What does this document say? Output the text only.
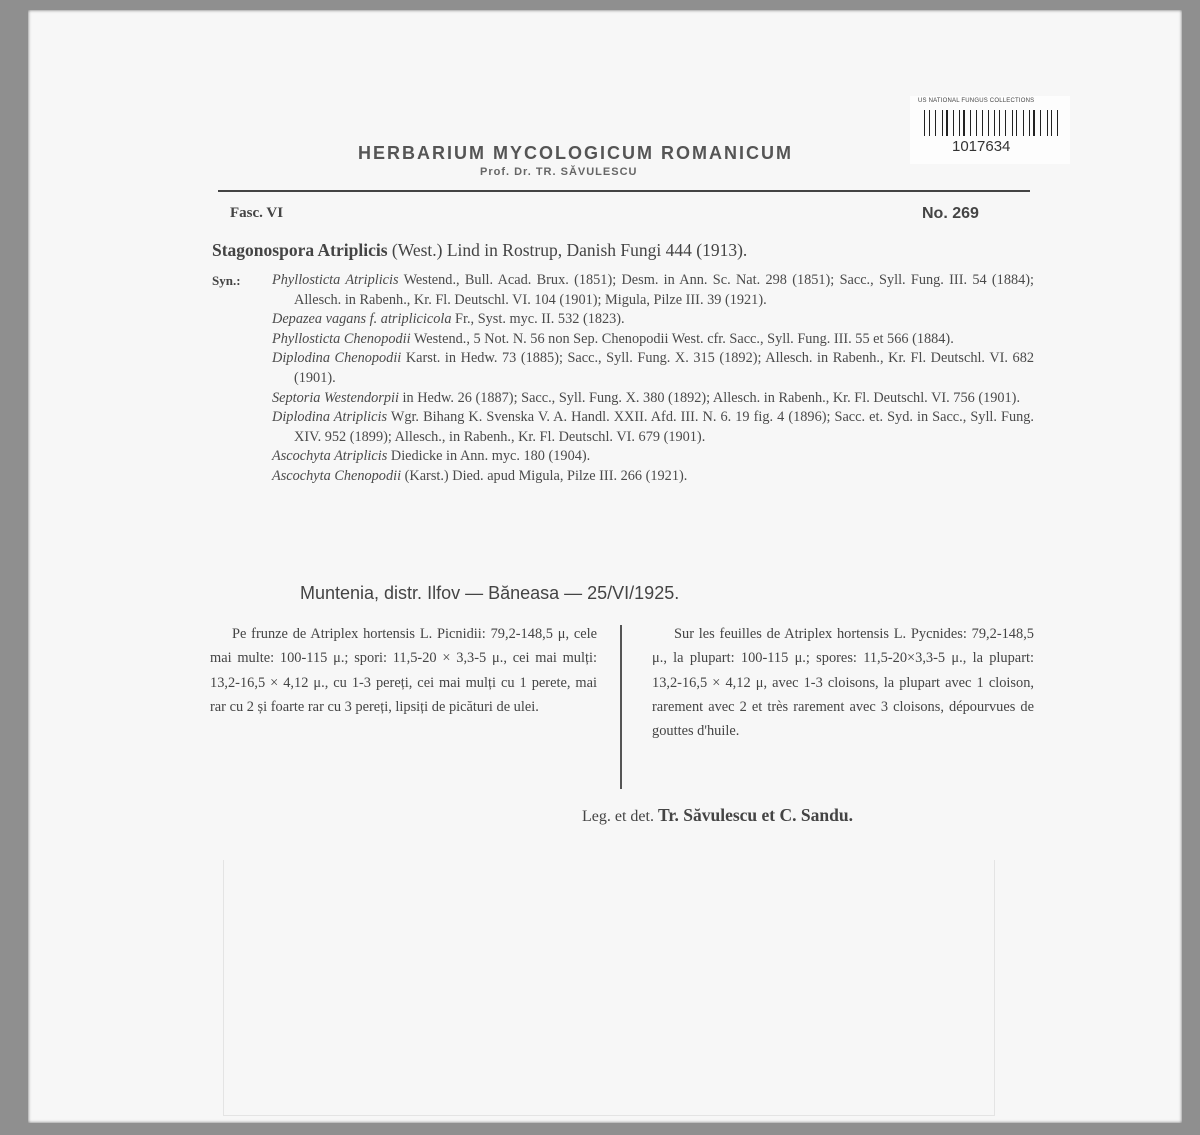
US NATIONAL FUNGUS COLLECTIONS
1017634
HERBARIUM MYCOLOGICUM ROMANICUM
Prof. Dr. TR. SĂVULESCU
Fasc. VI	No. 269
Stagonospora Atriplicis (West.) Lind in Rostrup, Danish Fungi 444 (1913).
Syn.: Phyllosticta Atriplicis Westend., Bull. Acad. Brux. (1851); Desm. in Ann. Sc. Nat. 298 (1851); Sacc., Syll. Fung. III. 54 (1884); Allesch. in Rabenh., Kr. Fl. Deutschl. VI. 104 (1901); Migula, Pilze III. 39 (1921).

Depazea vagans f. atriplicicola Fr., Syst. myc. II. 532 (1823).

Phyllosticta Chenopodii Westend., 5 Not. N. 56 non Sep. Chenopodii West. cfr. Sacc., Syll. Fung. III. 55 et 566 (1884).

Diplodina Chenopodii Karst. in Hedw. 73 (1885); Sacc., Syll. Fung. X. 315 (1892); Allesch. in Rabenh., Kr. Fl. Deutschl. VI. 682 (1901).

Septoria Westendorpii in Hedw. 26 (1887); Sacc., Syll. Fung. X. 380 (1892); Allesch. in Rabenh., Kr. Fl. Deutschl. VI. 756 (1901).

Diplodina Atriplicis Wgr. Bihang K. Svenska V. A. Handl. XXII. Afd. III. N. 6. 19 fig. 4 (1896); Sacc. et. Syd. in Sacc., Syll. Fung. XIV. 952 (1899); Allesch., in Rabenh., Kr. Fl. Deutschl. VI. 679 (1901).

Ascochyta Atriplicis Diedicke in Ann. myc. 180 (1904).

Ascochyta Chenopodii (Karst.) Died. apud Migula, Pilze III. 266 (1921).

Muntenia, distr. Ilfov — Băneasa — 25/VI/1925.

Pe frunze de Atriplex hortensis L. Picnidii: 79,2-148,5 μ, cele mai multe: 100-115 μ.; spori: 11,5-20 × 3,3-5 μ., cei mai mulți: 13,2-16,5 × 4,12 μ., cu 1-3 pereți, cei mai mulți cu 1 perete, mai rar cu 2 și foarte rar cu 3 pereți, lipsiți de picături de ulei.

Sur les feuilles de Atriplex hortensis L. Pycnides: 79,2-148,5 μ., la plupart: 100-115 μ.; spores: 11,5-20×3,3-5 μ., la plupart: 13,2-16,5 × 4,12 μ, avec 1-3 cloisons, la plupart avec 1 cloison, rarement avec 2 et très rarement avec 3 cloisons, dépourvues de gouttes d'huile.

Leg. et det. Tr. Săvulescu et C. Sandu.
